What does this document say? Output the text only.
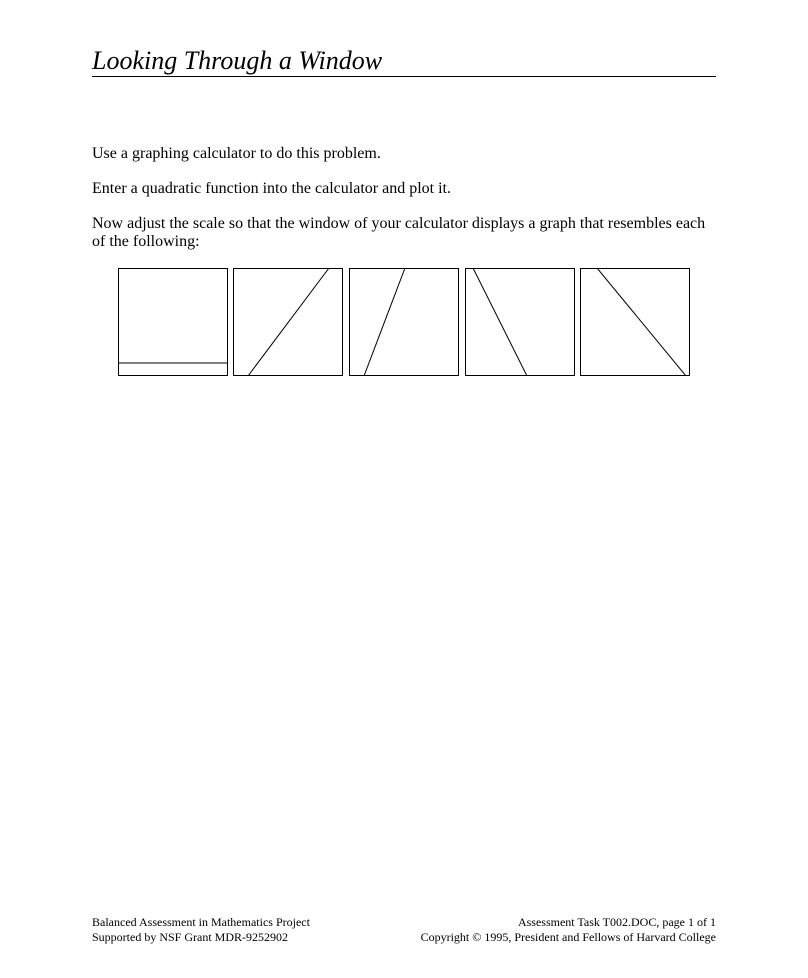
Looking Through a Window
Use a graphing calculator to do this problem.
Enter a quadratic function into the calculator and plot it.
Now adjust the scale so that the window of your calculator displays a graph that resembles each of the following:
Balanced Assessment in Mathematics Project
Supported by NSF Grant MDR-9252902
Assessment Task T002.DOC, page 1 of 1
Copyright © 1995, President and Fellows of Harvard College
